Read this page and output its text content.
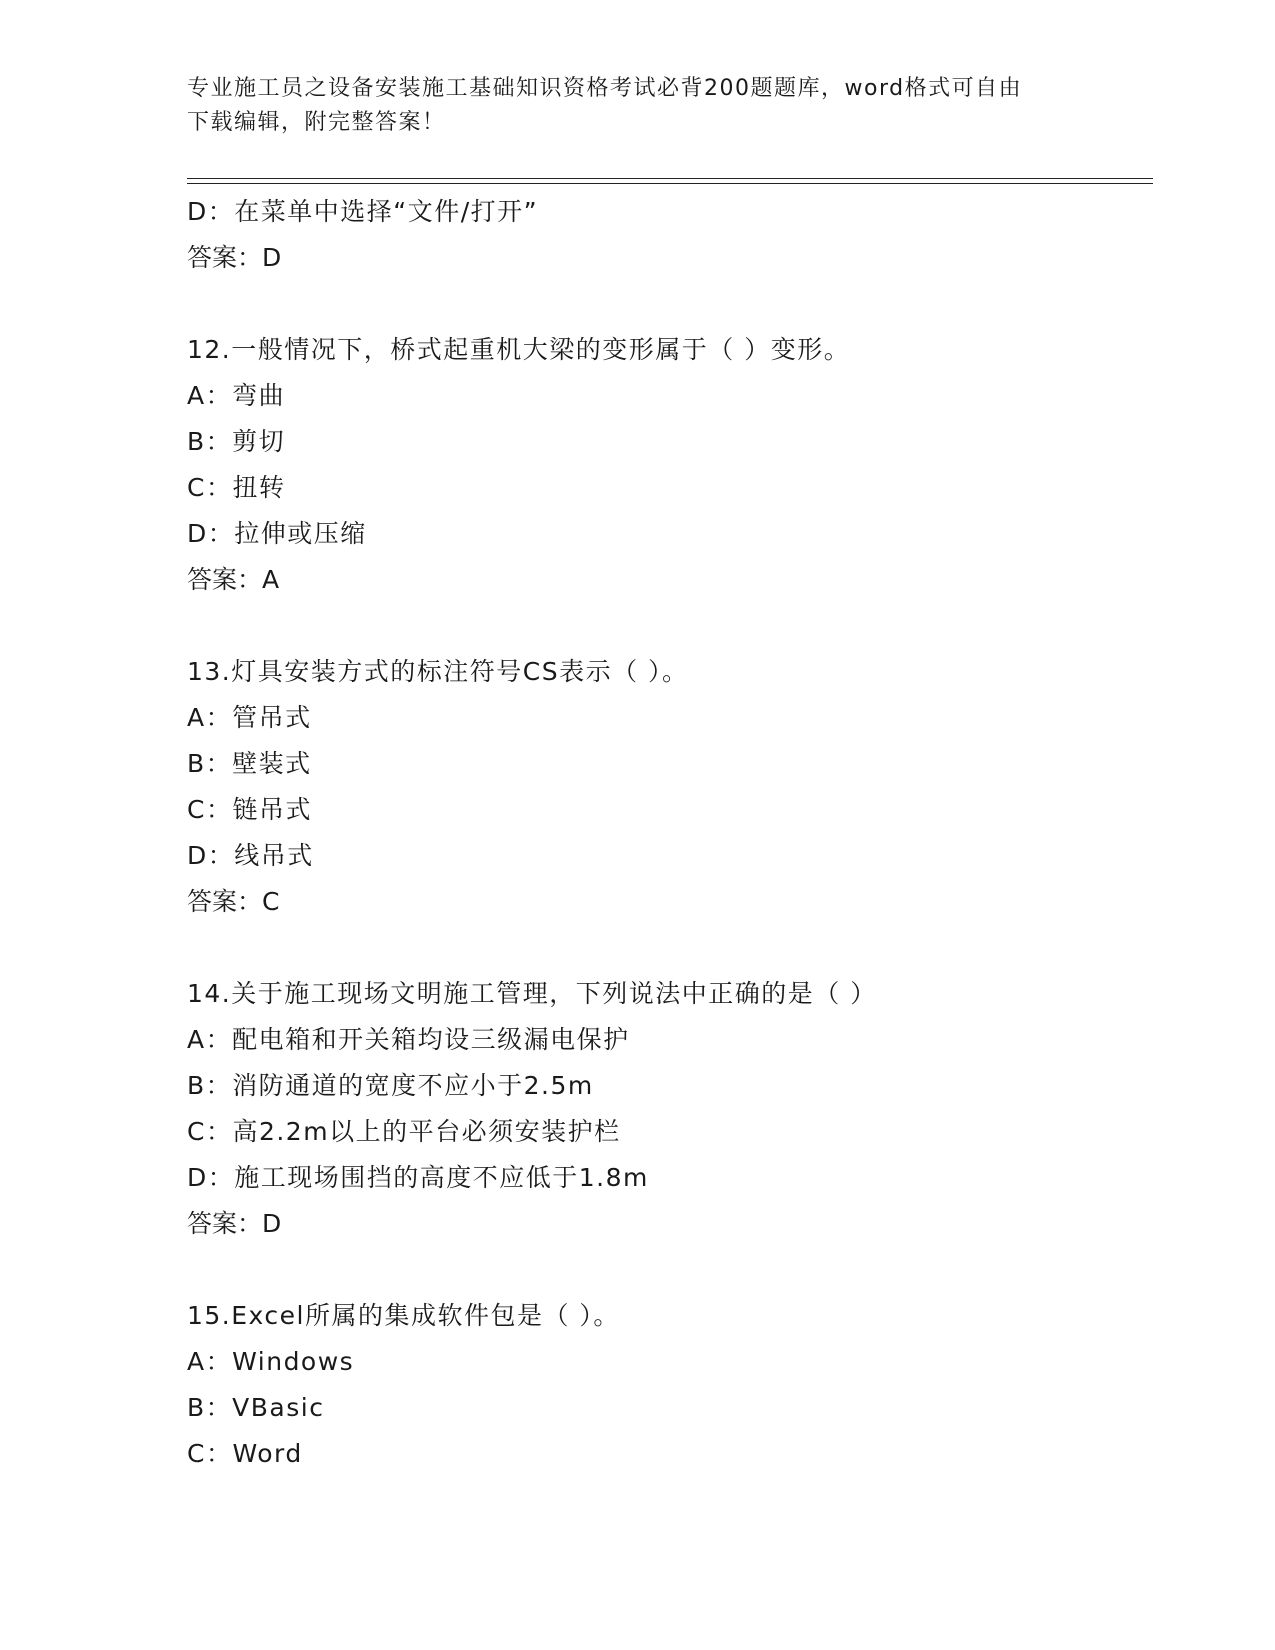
专业施工员之设备安装施工基础知识资格考试必背200题题库，word格式可自由
下载编辑，附完整答案！
D：在菜单中选择“文件/打开”
答案：D
12.一般情况下，桥式起重机大梁的变形属于（ ）变形。
A：弯曲
B：剪切
C：扭转
D：拉伸或压缩
答案：A
13.灯具安装方式的标注符号CS表示（ ）。
A：管吊式
B：壁装式
C：链吊式
D：线吊式
答案：C
14.关于施工现场文明施工管理，下列说法中正确的是（ ）
A：配电箱和开关箱均设三级漏电保护
B：消防通道的宽度不应小于2.5m
C：高2.2m以上的平台必须安装护栏
D：施工现场围挡的高度不应低于1.8m
答案：D
15.Excel所属的集成软件包是（ ）。
A：Windows
B：VBasic
C：Word
